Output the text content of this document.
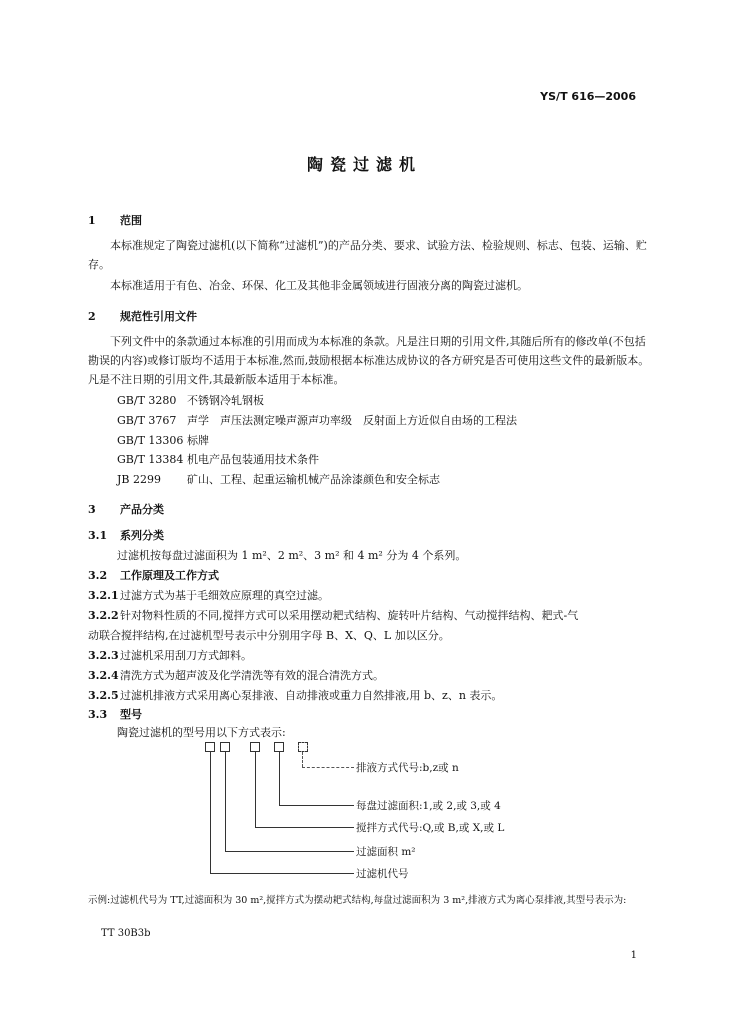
YS/T 616—2006
陶瓷过滤机
1 范围
本标准规定了陶瓷过滤机(以下简称“过滤机”)的产品分类、要求、试验方法、检验规则、标志、包装、运输、贮存。
本标准适用于有色、冶金、环保、化工及其他非金属领域进行固液分离的陶瓷过滤机。
2 规范性引用文件
下列文件中的条款通过本标准的引用而成为本标准的条款。凡是注日期的引用文件,其随后所有的修改单(不包括勘误的内容)或修订版均不适用于本标准,然而,鼓励根据本标准达成协议的各方研究是否可使用这些文件的最新版本。凡是不注日期的引用文件,其最新版本适用于本标准。
GB/T 3280 不锈钢冷轧钢板
GB/T 3767 声学　声压法测定噪声源声功率级　反射面上方近似自由场的工程法
GB/T 13306 标牌
GB/T 13384 机电产品包装通用技术条件
JB 2299 矿山、工程、起重运输机械产品涂漆颜色和安全标志
3 产品分类
3.1 系列分类
过滤机按每盘过滤面积为 1 m²、2 m²、3 m² 和 4 m² 分为 4 个系列。
3.2 工作原理及工作方式
3.2.1过滤方式为基于毛细效应原理的真空过滤。
3.2.2针对物料性质的不同,搅拌方式可以采用摆动耙式结构、旋转叶片结构、气动搅拌结构、耙式-气
动联合搅拌结构,在过滤机型号表示中分别用字母 B、X、Q、L 加以区分。
3.2.3过滤机采用刮刀方式卸料。
3.2.4清洗方式为超声波及化学清洗等有效的混合清洗方式。
3.2.5过滤机排液方式采用离心泵排液、自动排液或重力自然排液,用 b、z、n 表示。
3.3 型号
陶瓷过滤机的型号用以下方式表示:
排液方式代号:b,z或 n
每盘过滤面积:1,或 2,或 3,或 4
搅拌方式代号:Q,或 B,或 X,或 L
过滤面积 m²
过滤机代号
示例:过滤机代号为 TT,过滤面积为 30 m²,搅拌方式为摆动耙式结构,每盘过滤面积为 3 m²,排液方式为离心泵排液,其型号表示为:
TT 30B3b
1
